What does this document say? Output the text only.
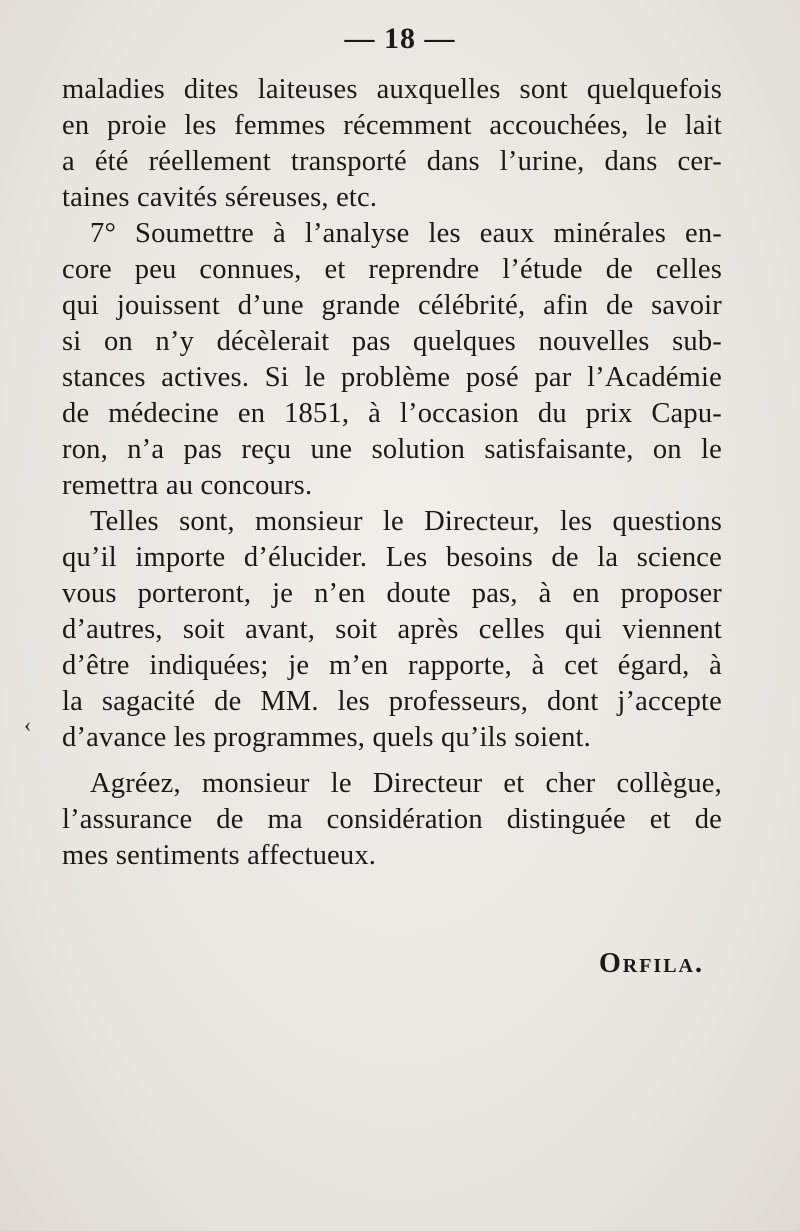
— 18 —

maladies dites laiteuses auxquelles sont quelquefois
en proie les femmes récemment accouchées, le lait
a été réellement transporté dans l’urine, dans cer-
taines cavités séreuses, etc.

7° Soumettre à l’analyse les eaux minérales en-
core peu connues, et reprendre l’étude de celles
qui jouissent d’une grande célébrité, afin de savoir
si on n’y décèlerait pas quelques nouvelles sub-
stances actives. Si le problème posé par l’Académie
de médecine en 1851, à l’occasion du prix Capu-
ron, n’a pas reçu une solution satisfaisante, on le
remettra au concours.

Telles sont, monsieur le Directeur, les questions
qu’il importe d’élucider. Les besoins de la science
vous porteront, je n’en doute pas, à en proposer
d’autres, soit avant, soit après celles qui viennent
d’être indiquées; je m’en rapporte, à cet égard, à
la sagacité de MM. les professeurs, dont j’accepte
d’avance les programmes, quels qu’ils soient.

Agréez, monsieur le Directeur et cher collègue,
l’assurance de ma considération distinguée et de
mes sentiments affectueux.

‹
Orfila.
